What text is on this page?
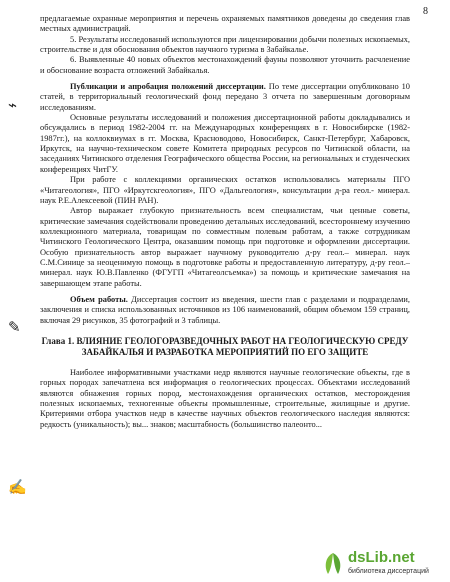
8
⌁
✎
✍

предлагаемые охранные мероприятия и перечень охраняемых памятников доведены до сведения глав местных администраций.

5. Результаты исследований используются при лицензировании добычи полезных ископаемых, строительстве и для обоснования объектов научного туризма в Забайкалье.

6. Выявленные 40 новых объектов местонахождений фауны позволяют уточнить расчленение и обоснование возраста отложений Забайкалья.

Публикации и апробация положений диссертации. По теме диссертации опубликовано 10 статей, в территориальный геологический фонд передано 3 отчета по завершенным договорным исследованиям.

Основные результаты исследований и положения диссертационной работы докладывались и обсуждались в период 1982-2004 гг. на Международных конференциях в г. Новосибирске (1982-1987гг.), на коллоквиумах в гг. Москва, Красноводово, Новосибирск, Санкт-Петербург, Хабаровск, Иркутск, на научно-техническом совете Комитета природных ресурсов по Читинской области, на заседаниях Читинского отделения Географического общества России, на региональных и студенческих конференциях ЧитГУ.

При работе с коллекциями органических остатков использовались материалы ПГО «Читагеология», ПГО «Иркутскгеология», ПГО «Дальгеология», консультации д-ра геол.- минерал. наук Р.Е.Алексеевой (ПИН РАН).

Автор выражает глубокую признательность всем специалистам, чьи ценные советы, критические замечания содействовали проведению детальных исследований, всестороннему изучению коллекционного материала, товарищам по совместным полевым работам, а также сотрудникам Читинского Геологического Центра, оказавшим помощь при подготовке и оформлении диссертации. Особую признательность автор выражает научному руководителю д-ру геол.– минерал. наук С.М.Синице за неоценимую помощь в подготовке работы и предоставленную литературу, д-ру геол.– минерал. наук Ю.В.Павленко (ФГУГП «Читагеолсъемка») за помощь и критические замечания на завершающем этапе работы.

Объем работы. Диссертация состоит из введения, шести глав с разделами и подразделами, заключения и списка использованных источников из 106 наименований, общим объемом 159 страниц, включая 29 рисунков, 35 фотографий и 3 таблицы.

Глава 1. ВЛИЯНИЕ ГЕОЛОГОРАЗВЕДОЧНЫХ РАБОТ НА ГЕОЛОГИЧЕСКУЮ СРЕДУ ЗАБАЙКАЛЬЯ И РАЗРАБОТКА МЕРОПРИЯТИЙ ПО ЕГО ЗАЩИТЕ

Наиболее информативными участками недр являются научные геологические объекты, где в горных породах запечатлена вся информация о геологических процессах. Объектами исследований являются обнажения горных пород, местонахождения органических остатков, месторождения полезных ископаемых, техногенные объекты промышленные, строительные, жилищные и другие. Критериями отбора участков недр в качестве научных объектов геологического наследия являются: редкость (уникальность); вы... знаков; масштабность (большинство палеонто...

dsLib.net
библиотека диссертаций
